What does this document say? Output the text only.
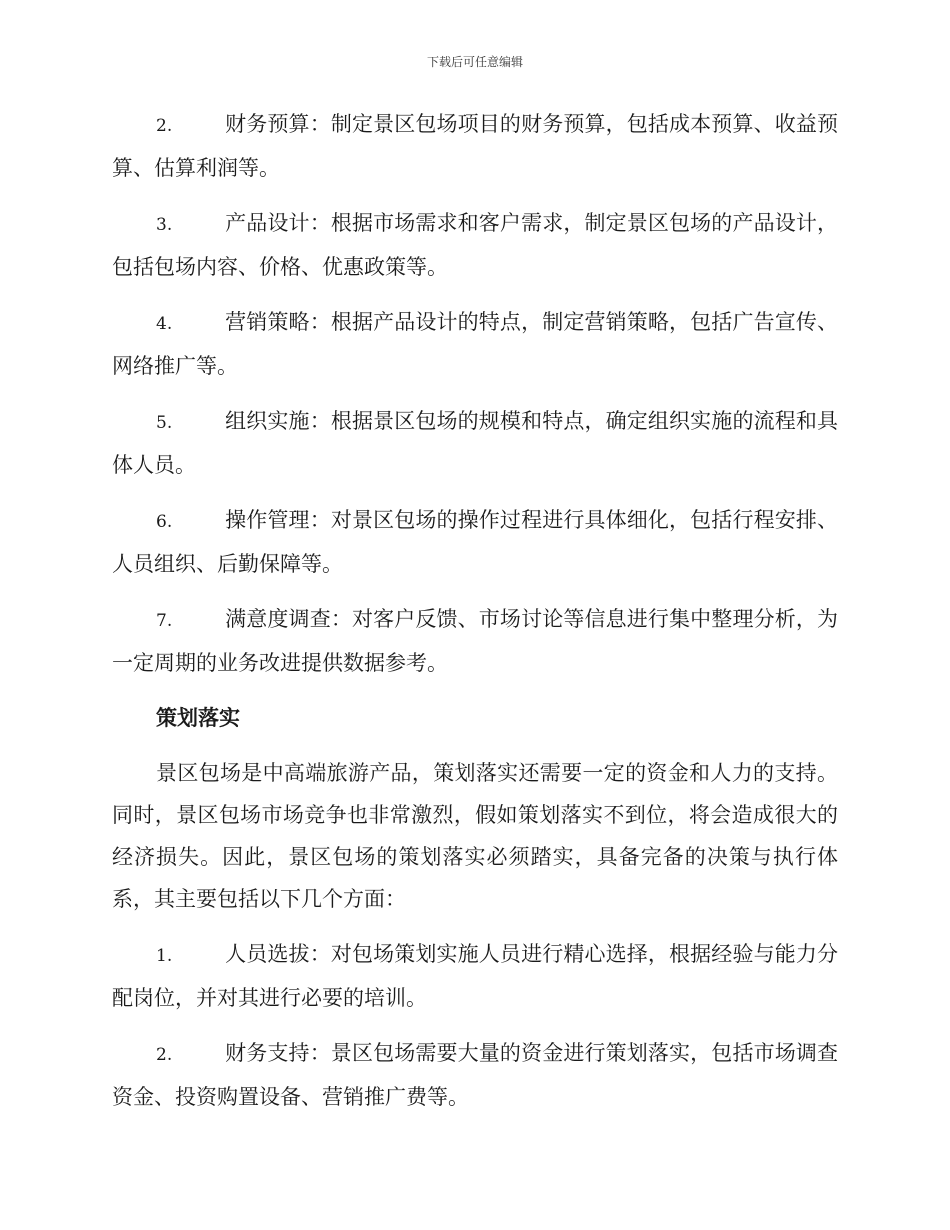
下载后可任意编辑

2.	财务预算：制定景区包场项目的财务预算，包括成本预算、收益预算、估算利润等。

3.	产品设计：根据市场需求和客户需求，制定景区包场的产品设计，包括包场内容、价格、优惠政策等。

4.	营销策略：根据产品设计的特点，制定营销策略，包括广告宣传、网络推广等。

5.	组织实施：根据景区包场的规模和特点，确定组织实施的流程和具体人员。

6.	操作管理：对景区包场的操作过程进行具体细化，包括行程安排、人员组织、后勤保障等。

7.	满意度调查：对客户反馈、市场讨论等信息进行集中整理分析，为一定周期的业务改进提供数据参考。

策划落实

景区包场是中高端旅游产品，策划落实还需要一定的资金和人力的支持。同时，景区包场市场竞争也非常激烈，假如策划落实不到位，将会造成很大的经济损失。因此，景区包场的策划落实必须踏实，具备完备的决策与执行体系，其主要包括以下几个方面：

1.	人员选拔：对包场策划实施人员进行精心选择，根据经验与能力分配岗位，并对其进行必要的培训。

2.	财务支持：景区包场需要大量的资金进行策划落实，包括市场调查资金、投资购置设备、营销推广费等。
